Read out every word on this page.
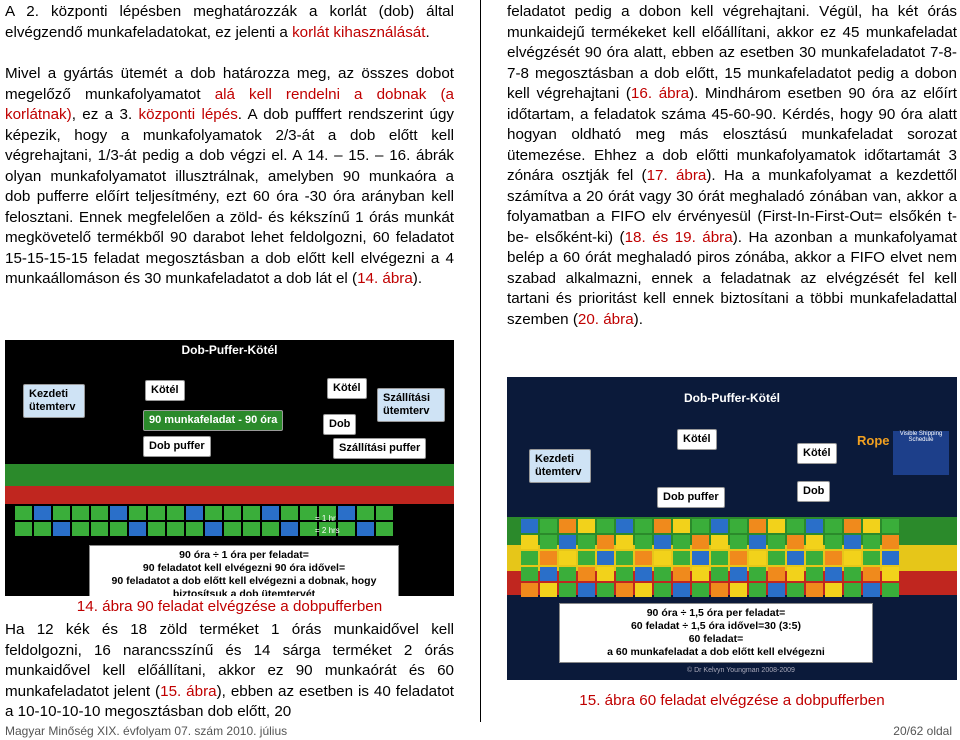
A 2. központi lépésben meghatározzák a korlát (dob) által elvégzendő munkafeladatokat, ez jelenti a korlát kihasználását.

Mivel a gyártás ütemét a dob határozza meg, az összes dobot megelőző munkafolyamatot alá kell rendelni a dobnak (a korlátnak), ez a 3. központi lépés. A dob pufffert rendszerint úgy képezik, hogy a munkafolyamatok 2/3-át a dob előtt kell végrehajtani, 1/3-át pedig a dob végzi el. A 14. – 15. – 16. ábrák olyan munkafolyamatot illusztrálnak, amelyben 90 munkaóra a dob pufferre előírt teljesítmény, ezt 60 óra -30 óra arányban kell felosztani. Ennek megfelelően a zöld- és kékszínű 1 órás munkát megkövetelő termékből 90 darabot lehet feldolgozni, 60 feladatot 15-15-15-15 feladat megosztásban a dob előtt kell elvégezni a 4 munkaállomáson és 30 munkafeladatot a dob lát el (14. ábra).

Dob-Puffer-Kötél
Kezdeti ütemterv
Kötél
90 munkafeladat - 90 óra
Dob puffer
Kötél
Dob
Szállítási puffer
Szállítási ütemterv
= 1 hr
= 2 hrs
90 óra ÷ 1 óra per feladat=
90 feladatot kell elvégezni 90 óra idővel=
90 feladatot a dob előtt kell elvégezni a dobnak, hogy
biztosítsuk a dob ütemtervét
14. ábra 90 feladat elvégzése a dobpufferben

Ha 12 kék és 18 zöld terméket 1 órás munkaidővel kell feldolgozni, 16 narancsszínű és 14 sárga terméket 2 órás munkaidővel kell előállítani, akkor ez 90 munkaórát és 60 munkafeladatot jelent (15. ábra), ebben az esetben is 40 feladatot a 10-10-10-10 megosztásban dob előtt, 20

feladatot pedig a dobon kell végrehajtani. Végül, ha két órás munkaidejű termékeket kell előállítani, akkor ez 45 munkafeladat elvégzését 90 óra alatt, ebben az esetben 30 munkafeladatot 7-8-7-8 megosztásban a dob előtt, 15 munkafeladatot pedig a dobon kell végrehajtani (16. ábra). Mindhárom esetben 90 óra az előírt időtartam, a feladatok száma 45-60-90. Kérdés, hogy 90 óra alatt hogyan oldható meg más elosztású munkafeladat sorozat ütemezése. Ehhez a dob előtti munkafolyamatok időtartamát 3 zónára osztják fel (17. ábra). Ha a munkafolyamat a kezdettől számítva a 20 órát vagy 30 órát meghaladó zónában van, akkor a folyamatban a FIFO elv érvényesül (First-In-First-Out= elsőkén t-be- elsőként-ki) (18. és 19. ábra). Ha azonban a munkafolyamat belép a 60 órát meghaladó piros zónába, akkor a FIFO elvet nem szabad alkalmazni, ennek a feladatnak az elvégzését fel kell tartani és prioritást kell ennek biztosítani a többi munkafeladattal szemben (20. ábra).

Dob-Puffer-Kötél
Kezdeti ütemterv
Kötél
Kötél
Dob puffer	Dob
Rope	Visible Shipping Schedule
90 óra ÷ 1,5 óra per feladat=
60 feladat ÷ 1,5 óra idővel=30 (3:5)
60 feladat=
a 60 munkafeladat a dob előtt kell elvégezni
© Dr Kelvyn Youngman 2008-2009
15. ábra 60 feladat elvégzése a dobpufferben
Magyar Minőség XIX. évfolyam 07. szám 2010. július	20/62 oldal
